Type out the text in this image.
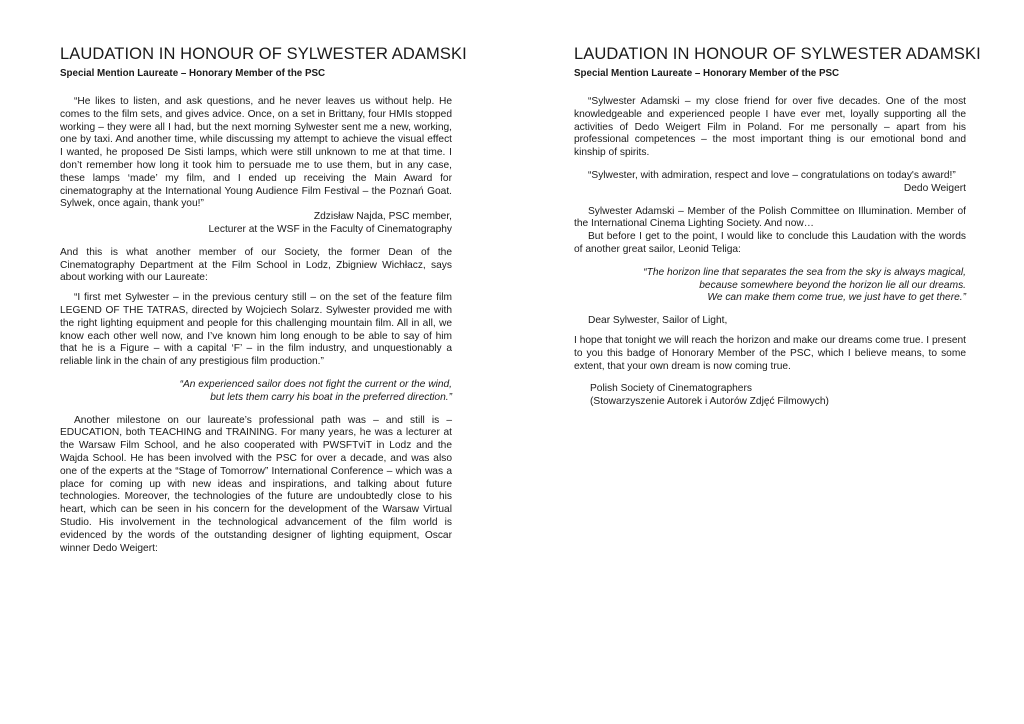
LAUDATION IN HONOUR OF SYLWESTER ADAMSKI
Special Mention Laureate – Honorary Member of the PSC

“He likes to listen, and ask questions, and he never leaves us without help. He comes to the film sets, and gives advice. Once, on a set in Brittany, four HMIs stopped working – they were all I had, but the next morning Sylwester sent me a new, working, one by taxi. And another time, while discussing my attempt to achieve the visual effect I wanted, he proposed De Sisti lamps, which were still unknown to me at that time. I don’t remember how long it took him to persuade me to use them, but in any case, these lamps ‘made’ my film, and I ended up receiving the Main Award for cinematography at the International Young Audience Film Festival – the Poznań Goat. Sylwek, once again, thank you!”

Zdzisław Najda, PSC member,

Lecturer at the WSF in the Faculty of Cinematography

And this is what another member of our Society, the former Dean of the Cinematography Department at the Film School in Lodz, Zbigniew Wichłacz, says about working with our Laureate:

“I first met Sylwester – in the previous century still – on the set of the feature film LEGEND OF THE TATRAS, directed by Wojciech Solarz. Sylwester provided me with the right lighting equipment and people for this challenging mountain film. All in all, we know each other well now, and I’ve known him long enough to be able to say of him that he is a Figure – with a capital ‘F’ – in the film industry, and unquestionably a reliable link in the chain of any prestigious film production.”

“An experienced sailor does not fight the current or the wind,

but lets them carry his boat in the preferred direction.”

Another milestone on our laureate’s professional path was – and still is – EDUCATION, both TEACHING and TRAINING. For many years, he was a lecturer at the Warsaw Film School, and he also cooperated with PWSFTviT in Lodz and the Wajda School. He has been involved with the PSC for over a decade, and was also one of the experts at the “Stage of Tomorrow” International Conference – which was a place for coming up with new ideas and inspirations, and talking about future technologies. Moreover, the technologies of the future are undoubtedly close to his heart, which can be seen in his concern for the development of the Warsaw Virtual Studio. His involvement in the technological advancement of the film world is evidenced by the words of the outstanding designer of lighting equipment, Oscar winner Dedo Weigert:

LAUDATION IN HONOUR OF SYLWESTER ADAMSKI
Special Mention Laureate – Honorary Member of the PSC

“Sylwester Adamski – my close friend for over five decades. One of the most knowledgeable and experienced people I have ever met, loyally supporting all the activities of Dedo Weigert Film in Poland. For me personally – apart from his professional competences – the most important thing is our emotional bond and kinship of spirits.

“Sylwester, with admiration, respect and love – congratulations on today's award!”

Dedo Weigert

Sylwester Adamski – Member of the Polish Committee on Illumination. Member of the International Cinema Lighting Society. And now…

But before I get to the point, I would like to conclude this Laudation with the words of another great sailor, Leonid Teliga:

“The horizon line that separates the sea from the sky is always magical,

because somewhere beyond the horizon lie all our dreams.

We can make them come true, we just have to get there.”

Dear Sylwester, Sailor of Light,

I hope that tonight we will reach the horizon and make our dreams come true. I present to you this badge of Honorary Member of the PSC, which I believe means, to some extent, that your own dream is now coming true.

Polish Society of Cinematographers

(Stowarzyszenie Autorek i Autorów Zdjęć Filmowych)
